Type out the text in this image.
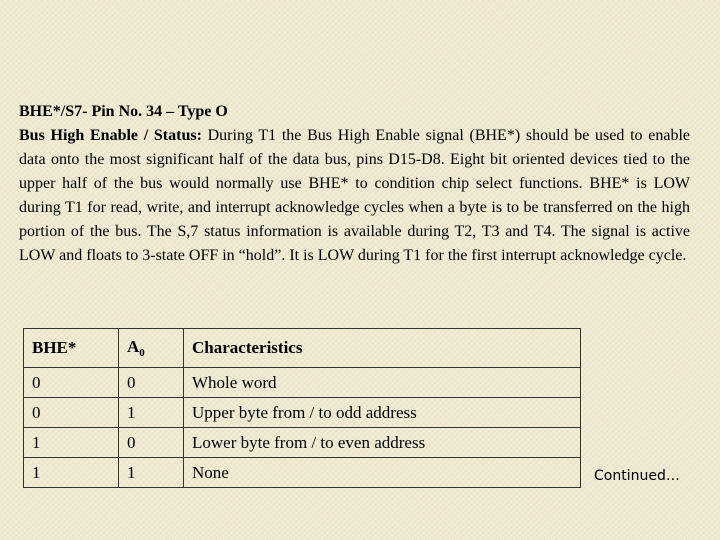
BHE*/S7- Pin No. 34 – Type O

Bus High Enable / Status: During T1 the Bus High Enable signal (BHE*) should be used to enable data onto the most significant half of the data bus, pins D15-D8. Eight bit oriented devices tied to the upper half of the bus would normally use BHE* to condition chip select functions. BHE* is LOW during T1 for read, write, and interrupt acknowledge cycles when a byte is to be transferred on the high portion of the bus. The S,7 status information is available during T2, T3 and T4. The signal is active LOW and floats to 3-state OFF in “hold”. It is LOW during T1 for the first interrupt acknowledge cycle.

BHE*	$A_0$	Characteristics
0	0	Whole word
0	1	Upper byte from / to odd address
1	0	Lower byte from / to even address
1	1	None	Continued…
